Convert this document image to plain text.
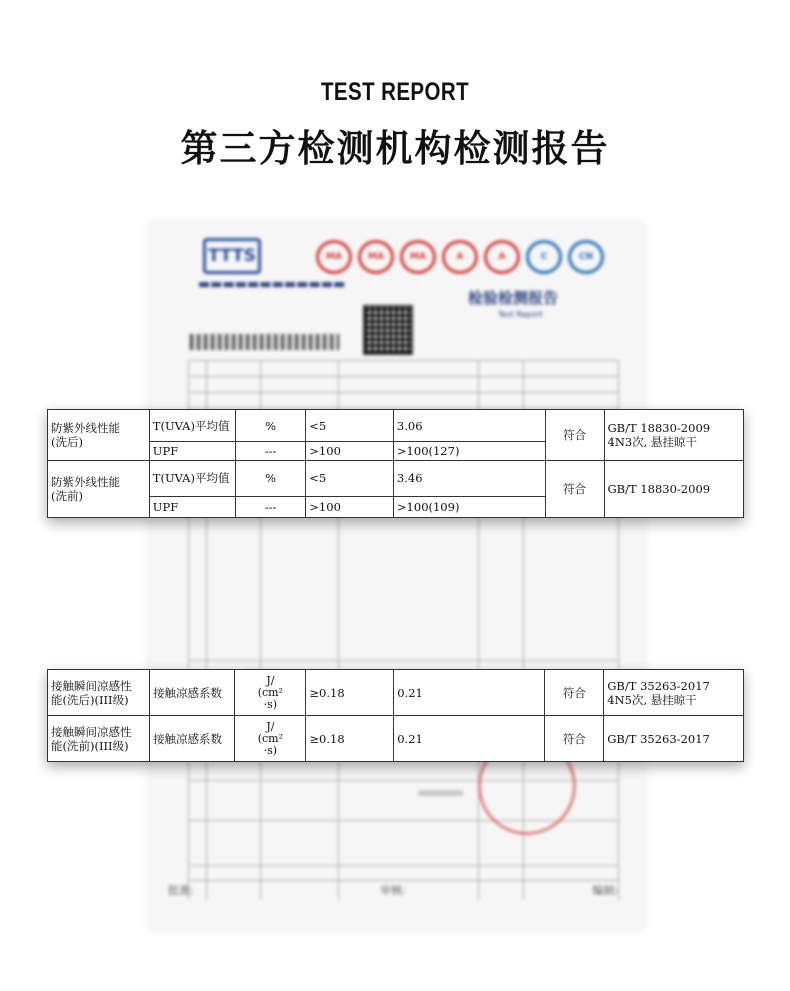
TEST REPORT
第三方检测机构检测报告
TTTS	MA	MA	MA	A	A	C	CN
▬▬▬▬▬▬▬▬▬▬▬▬
检验检测报告
Test Report
批准:	审核:	编制:
防紫外线性能
(洗后)	T(UVA)平均值	%	<5	3.06	符合	GB/T 18830-2009
4N3次, 悬挂晾干
	UPF	---	>100	>100(127)		
防紫外线性能
(洗前)	T(UVA)平均值	%	<5	3.46	符合	GB/T 18830-2009
	UPF	---	>100	>100(109)		
接触瞬间凉感性
能(洗后)(III级)	接触凉感系数	J/
(cm²
·s)	≥0.18	0.21	符合	GB/T 35263-2017
4N5次, 悬挂晾干
接触瞬间凉感性
能(洗前)(III级)	接触凉感系数	J/
(cm²
·s)	≥0.18	0.21	符合	GB/T 35263-2017
